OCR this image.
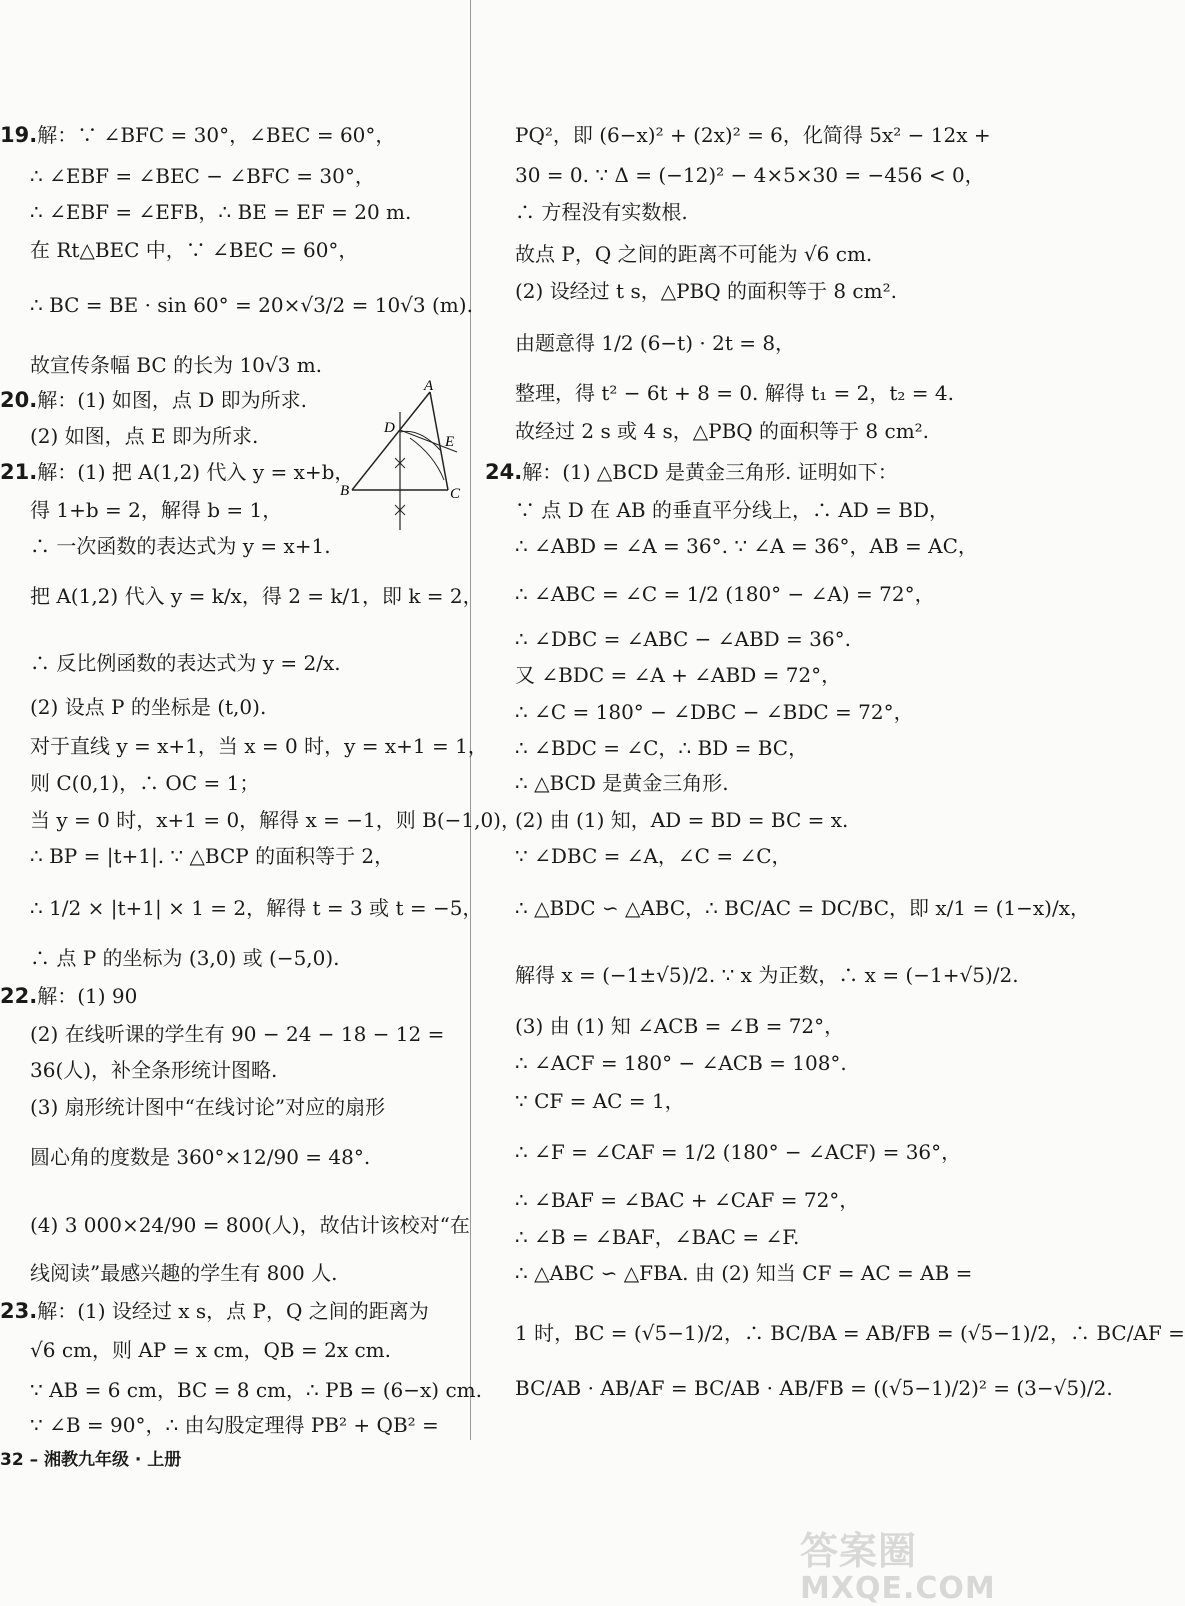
19.解：∵ ∠BFC = 30°，∠BEC = 60°，
∴ ∠EBF = ∠BEC − ∠BFC = 30°，
∴ ∠EBF = ∠EFB，∴ BE = EF = 20 m.
在 Rt△BEC 中，∵ ∠BEC = 60°，
∴ BC = BE · sin 60° = 20×√3/2 = 10√3 (m).
故宣传条幅 BC 的长为 10√3 m.
20.解：(1) 如图，点 D 即为所求.
(2) 如图，点 E 即为所求.
21.解：(1) 把 A(1,2) 代入 y = x+b，
得 1+b = 2，解得 b = 1，
∴ 一次函数的表达式为 y = x+1.
把 A(1,2) 代入 y = k/x，得 2 = k/1，即 k = 2，
∴ 反比例函数的表达式为 y = 2/x.
(2) 设点 P 的坐标是 (t,0).
对于直线 y = x+1，当 x = 0 时，y = x+1 = 1，
则 C(0,1)，∴ OC = 1；
当 y = 0 时，x+1 = 0，解得 x = −1，则 B(−1,0)，
∴ BP = |t+1|. ∵ △BCP 的面积等于 2，
∴ 1/2 × |t+1| × 1 = 2，解得 t = 3 或 t = −5，
∴ 点 P 的坐标为 (3,0) 或 (−5,0).
22.解：(1) 90
(2) 在线听课的学生有 90 − 24 − 18 − 12 =
36(人)，补全条形统计图略.
(3) 扇形统计图中“在线讨论”对应的扇形
圆心角的度数是 360°×12/90 = 48°.
(4) 3 000×24/90 = 800(人)，故估计该校对“在
线阅读”最感兴趣的学生有 800 人.
23.解：(1) 设经过 x s，点 P，Q 之间的距离为
√6 cm，则 AP = x cm，QB = 2x cm.
∵ AB = 6 cm，BC = 8 cm，∴ PB = (6−x) cm.
∵ ∠B = 90°，∴ 由勾股定理得 PB² + QB² =
PQ²，即 (6−x)² + (2x)² = 6，化简得 5x² − 12x +
30 = 0. ∵ Δ = (−12)² − 4×5×30 = −456 < 0，
∴ 方程没有实数根.
故点 P，Q 之间的距离不可能为 √6 cm.
(2) 设经过 t s，△PBQ 的面积等于 8 cm².
由题意得 1/2 (6−t) · 2t = 8，
整理，得 t² − 6t + 8 = 0. 解得 t₁ = 2，t₂ = 4.
故经过 2 s 或 4 s，△PBQ 的面积等于 8 cm².
24.解：(1) △BCD 是黄金三角形. 证明如下：
∵ 点 D 在 AB 的垂直平分线上，∴ AD = BD，
∴ ∠ABD = ∠A = 36°. ∵ ∠A = 36°，AB = AC，
∴ ∠ABC = ∠C = 1/2 (180° − ∠A) = 72°，
∴ ∠DBC = ∠ABC − ∠ABD = 36°.
又 ∠BDC = ∠A + ∠ABD = 72°，
∴ ∠C = 180° − ∠DBC − ∠BDC = 72°，
∴ ∠BDC = ∠C，∴ BD = BC，
∴ △BCD 是黄金三角形.
(2) 由 (1) 知，AD = BD = BC = x.
∵ ∠DBC = ∠A，∠C = ∠C，
∴ △BDC ∽ △ABC，∴ BC/AC = DC/BC，即 x/1 = (1−x)/x，
解得 x = (−1±√5)/2. ∵ x 为正数，∴ x = (−1+√5)/2.
(3) 由 (1) 知 ∠ACB = ∠B = 72°，
∴ ∠ACF = 180° − ∠ACB = 108°.
∵ CF = AC = 1，
∴ ∠F = ∠CAF = 1/2 (180° − ∠ACF) = 36°，
∴ ∠BAF = ∠BAC + ∠CAF = 72°，
∴ ∠B = ∠BAF，∠BAC = ∠F.
∴ △ABC ∽ △FBA. 由 (2) 知当 CF = AC = AB =
1 时，BC = (√5−1)/2，∴ BC/BA = AB/FB = (√5−1)/2，∴ BC/AF =
BC/AB · AB/AF = BC/AB · AB/FB = ((√5−1)/2)² = (3−√5)/2.
A
D
E
B	C
32 – 湘教九年级 · 上册
答案圈
MXQE.COM
